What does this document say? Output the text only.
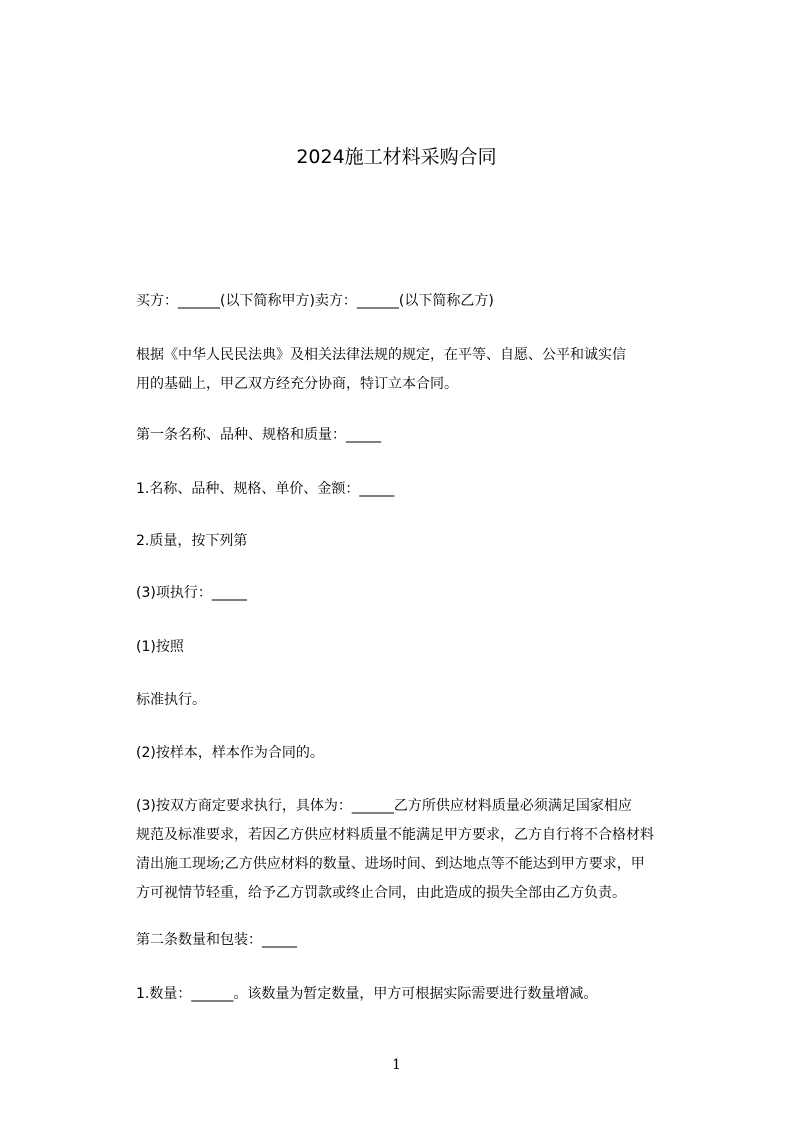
2024施工材料采购合同
买方：______(以下简称甲方)卖方：______(以下简称乙方)
根据《中华人民民法典》及相关法律法规的规定，在平等、自愿、公平和诚实信
用的基础上，甲乙双方经充分协商，特订立本合同。
第一条名称、品种、规格和质量：_____
1.名称、品种、规格、单价、金额：_____
2.质量，按下列第
(3)项执行：_____
(1)按照
标准执行。
(2)按样本，样本作为合同的。
(3)按双方商定要求执行，具体为：______乙方所供应材料质量必须满足国家相应
规范及标准要求，若因乙方供应材料质量不能满足甲方要求，乙方自行将不合格材料
清出施工现场;乙方供应材料的数量、进场时间、到达地点等不能达到甲方要求，甲
方可视情节轻重，给予乙方罚款或终止合同，由此造成的损失全部由乙方负责。
第二条数量和包装：_____
1.数量：______。该数量为暂定数量，甲方可根据实际需要进行数量增减。
1
